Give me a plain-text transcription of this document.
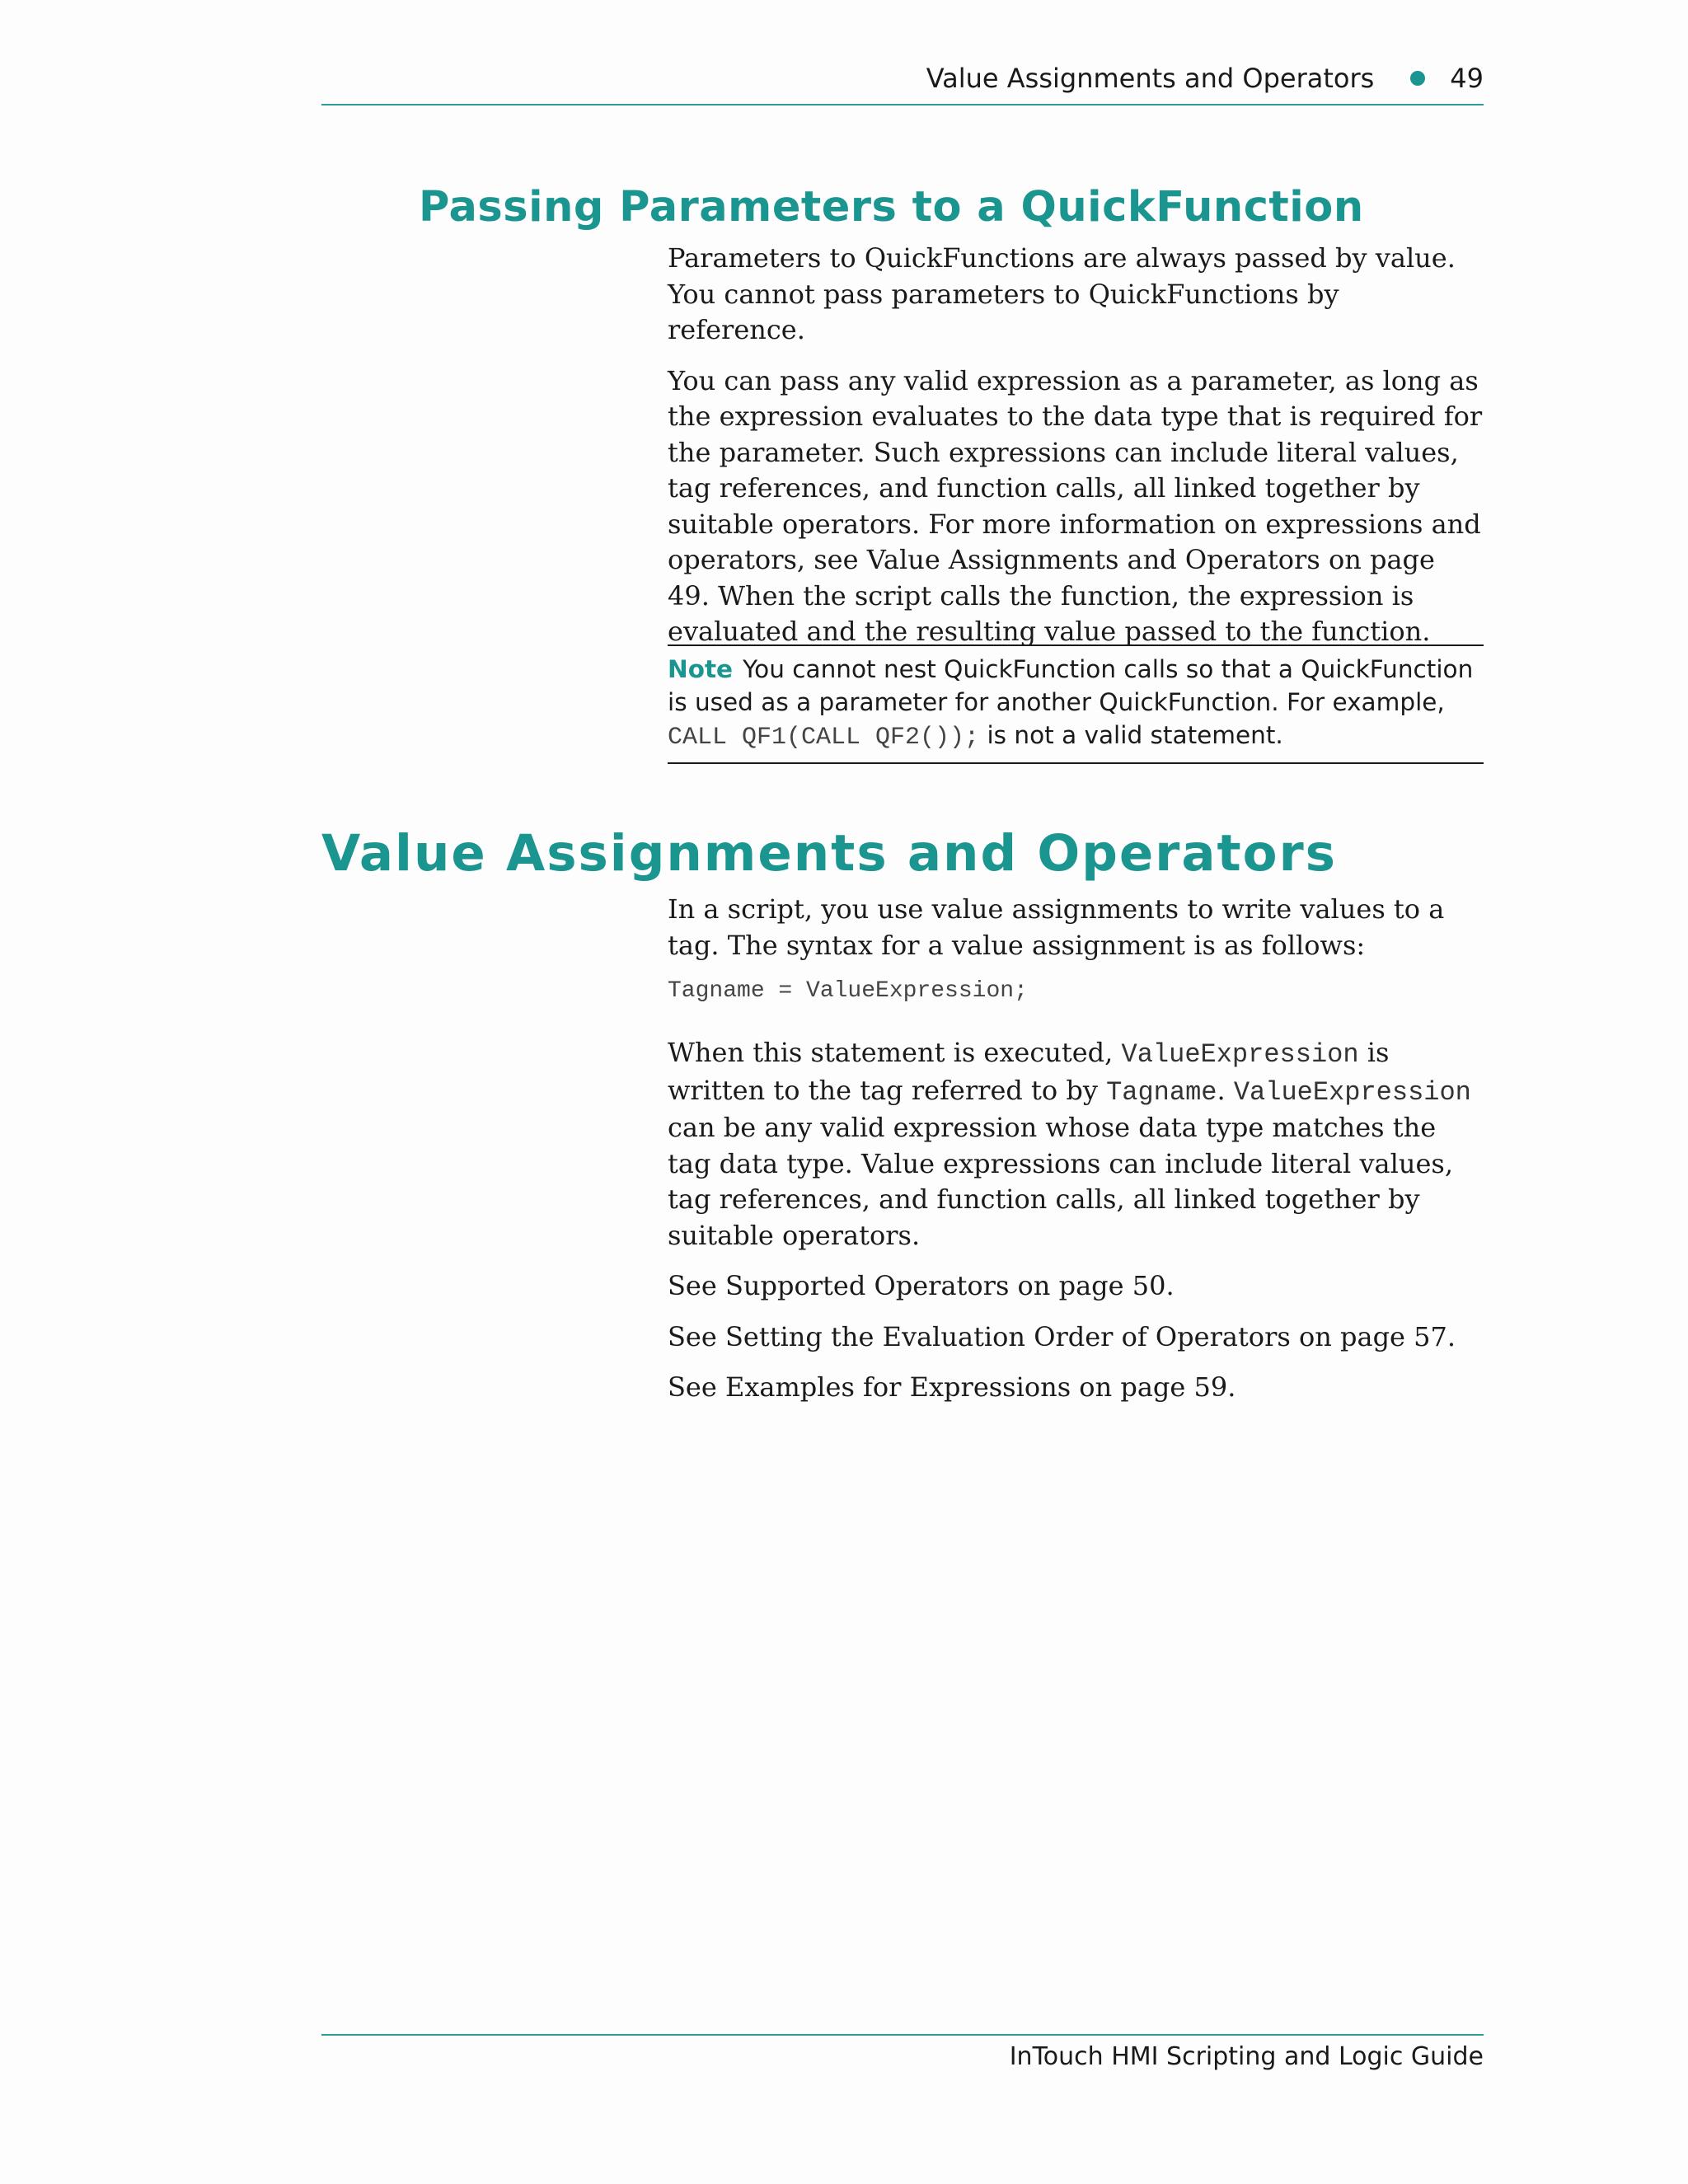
Value Assignments and Operators	49
Passing Parameters to a QuickFunction

Parameters to QuickFunctions are always passed by value. You cannot pass parameters to QuickFunctions by reference.

You can pass any valid expression as a parameter, as long as the expression evaluates to the data type that is required for the parameter. Such expressions can include literal values, tag references, and function calls, all linked together by suitable operators. For more information on expressions and operators, see Value Assignments and Operators on page 49. When the script calls the function, the expression is evaluated and the resulting value passed to the function.

Note You cannot nest QuickFunction calls so that a QuickFunction is used as a parameter for another QuickFunction. For example,
CALL QF1(CALL QF2()); is not a valid statement.

Value Assignments and Operators

In a script, you use value assignments to write values to a tag. The syntax for a value assignment is as follows:

Tagname = ValueExpression;

When this statement is executed, ValueExpression is written to the tag referred to by Tagname. ValueExpression can be any valid expression whose data type matches the tag data type. Value expressions can include literal values, tag references, and function calls, all linked together by suitable operators.

See Supported Operators on page 50.

See Setting the Evaluation Order of Operators on page 57.

See Examples for Expressions on page 59.

InTouch HMI Scripting and Logic Guide
